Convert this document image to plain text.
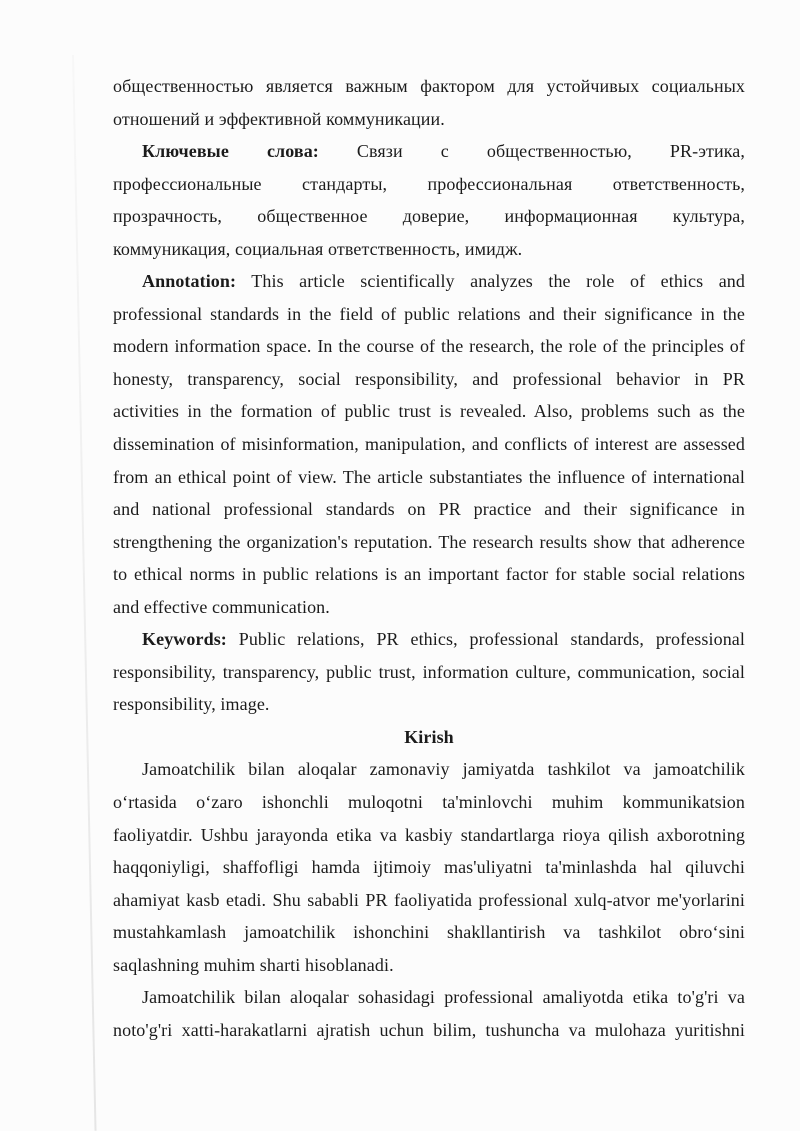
общественностью является важным фактором для устойчивых социальных
отношений и эффективной коммуникации.
Ключевые слова: Связи с общественностью, PR-этика,
профессиональные стандарты, профессиональная ответственность,
прозрачность, общественное доверие, информационная культура,
коммуникация, социальная ответственность, имидж.
Annotation: This article scientifically analyzes the role of ethics and
professional standards in the field of public relations and their significance in the
modern information space. In the course of the research, the role of the principles of
honesty, transparency, social responsibility, and professional behavior in PR
activities in the formation of public trust is revealed. Also, problems such as the
dissemination of misinformation, manipulation, and conflicts of interest are assessed
from an ethical point of view. The article substantiates the influence of international
and national professional standards on PR practice and their significance in
strengthening the organization's reputation. The research results show that adherence
to ethical norms in public relations is an important factor for stable social relations
and effective communication.
Keywords: Public relations, PR ethics, professional standards, professional
responsibility, transparency, public trust, information culture, communication, social
responsibility, image.
Kirish
Jamoatchilik bilan aloqalar zamonaviy jamiyatda tashkilot va jamoatchilik
oʻrtasida oʻzaro ishonchli muloqotni ta'minlovchi muhim kommunikatsion
faoliyatdir. Ushbu jarayonda etika va kasbiy standartlarga rioya qilish axborotning
haqqoniyligi, shaffofligi hamda ijtimoiy mas'uliyatni ta'minlashda hal qiluvchi
ahamiyat kasb etadi. Shu sababli PR faoliyatida professional xulq-atvor me'yorlarini
mustahkamlash jamoatchilik ishonchini shakllantirish va tashkilot obroʻsini
saqlashning muhim sharti hisoblanadi.
Jamoatchilik bilan aloqalar sohasidagi professional amaliyotda etika to'g'ri va
noto'g'ri xatti-harakatlarni ajratish uchun bilim, tushuncha va mulohaza yuritishni
